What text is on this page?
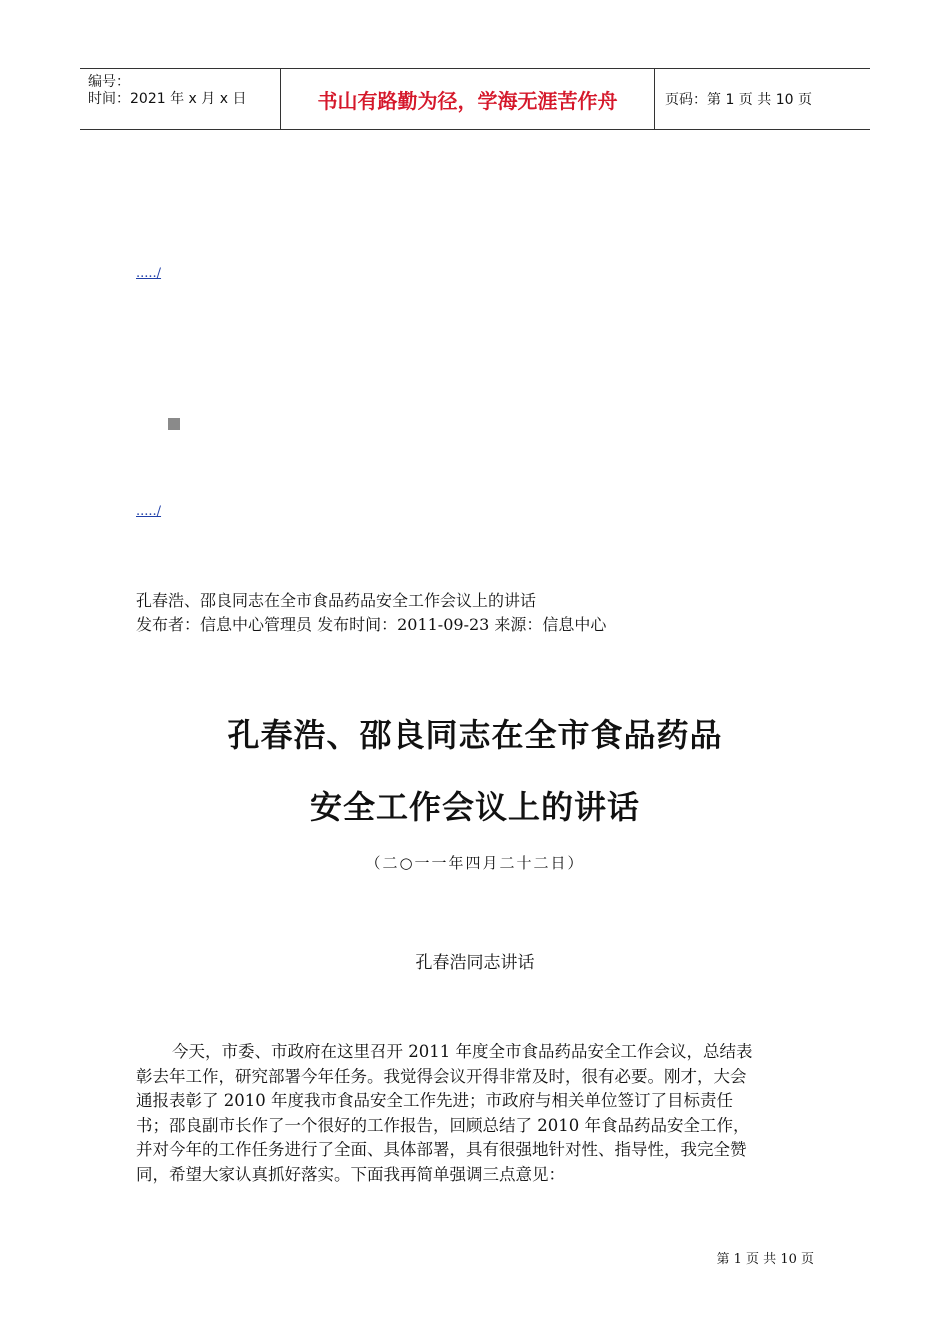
编号：
时间：2021 年 x 月 x 日	书山有路勤为径，学海无涯苦作舟	页码：第 1 页 共 10 页
...../
...../
孔春浩、邵良同志在全市食品药品安全工作会议上的讲话
发布者：信息中心管理员 发布时间：2011-09-23 来源：信息中心
孔春浩、邵良同志在全市食品药品
安全工作会议上的讲话
（二○一一年四月二十二日）
孔春浩同志讲话
今天，市委、市政府在这里召开 2011 年度全市食品药品安全工作会议，总结表
彰去年工作，研究部署今年任务。我觉得会议开得非常及时，很有必要。刚才，大会
通报表彰了 2010 年度我市食品安全工作先进；市政府与相关单位签订了目标责任
书；邵良副市长作了一个很好的工作报告，回顾总结了 2010 年食品药品安全工作，
并对今年的工作任务进行了全面、具体部署，具有很强地针对性、指导性，我完全赞
同，希望大家认真抓好落实。下面我再简单强调三点意见：
第 1 页 共 10 页
